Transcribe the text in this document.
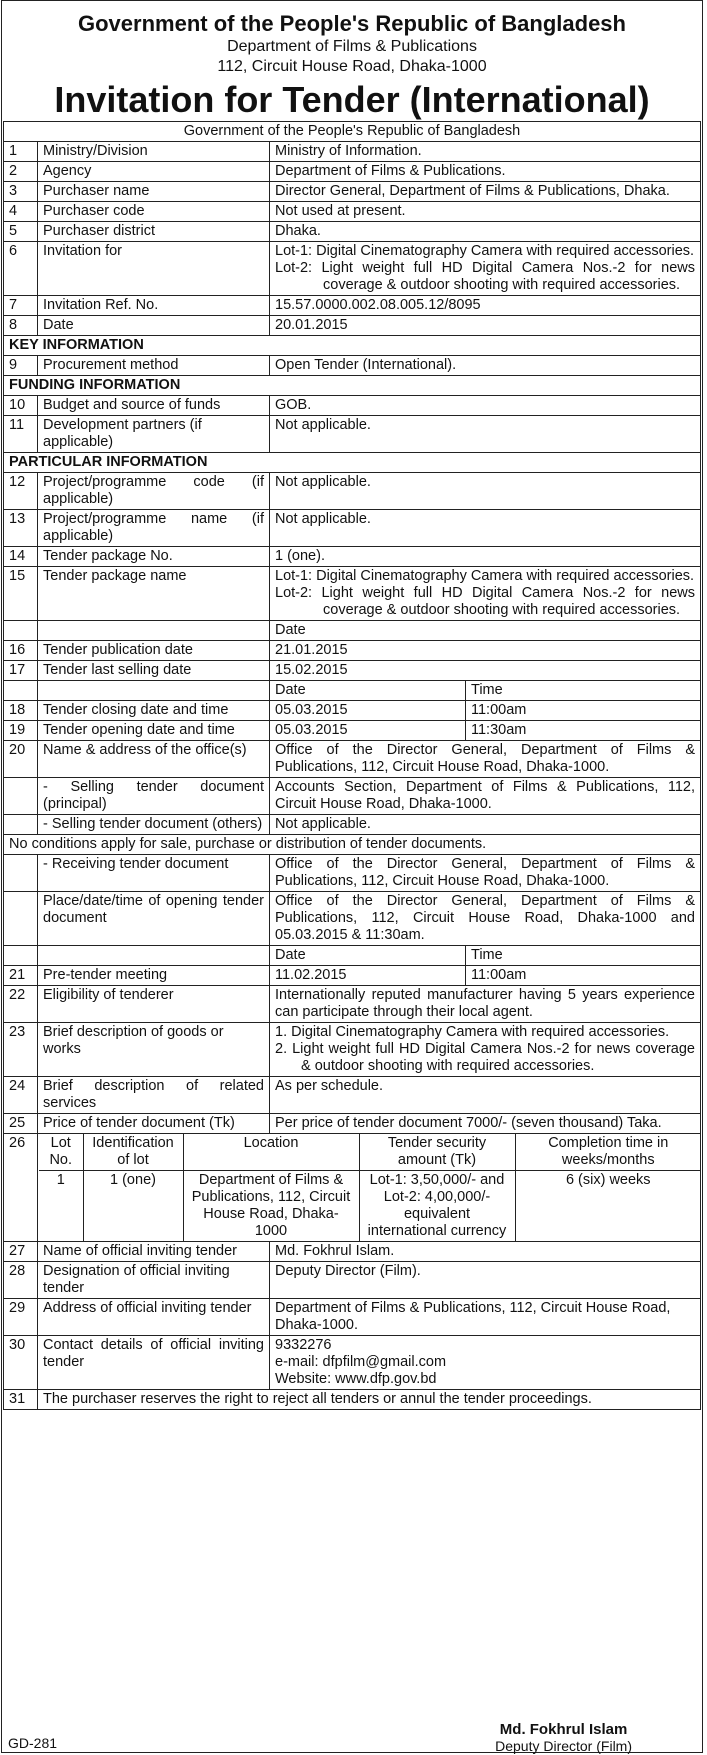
Government of the People's Republic of Bangladesh
Department of Films & Publications
112, Circuit House Road, Dhaka-1000
Invitation for Tender (International)
Government of the People's Republic of Bangladesh
1	Ministry/Division	Ministry of Information.
2	Agency	Department of Films & Publications.
3	Purchaser name	Director General, Department of Films & Publications, Dhaka.
4	Purchaser code	Not used at present.
5	Purchaser district	Dhaka.
6	Invitation for	Lot-1: Digital Cinematography Camera with required accessories.
Lot-2: Light weight full HD Digital Camera Nos.-2 for news coverage & outdoor shooting with required accessories.

7	Invitation Ref. No.	15.57.0000.002.08.005.12/8095
8	Date	20.01.2015
KEY INFORMATION
9	Procurement method	Open Tender (International).
FUNDING INFORMATION
10	Budget and source of funds	GOB.
11	Development partners (if applicable)	Not applicable.
PARTICULAR INFORMATION
12	Project/programme code (if applicable)	Not applicable.
13	Project/programme name (if applicable)	Not applicable.
14	Tender package No.	1 (one).
15	Tender package name	Lot-1: Digital Cinematography Camera with required accessories.
Lot-2: Light weight full HD Digital Camera Nos.-2 for news coverage & outdoor shooting with required accessories.

		Date
16	Tender publication date	21.01.2015
17	Tender last selling date	15.02.2015
		Date	Time
18	Tender closing date and time	05.03.2015	11:00am
19	Tender opening date and time	05.03.2015	11:30am
20	Name & address of the office(s)	Office of the Director General, Department of Films & Publications, 112, Circuit House Road, Dhaka-1000.
	- Selling tender document (principal)	Accounts Section, Department of Films & Publications, 112, Circuit House Road, Dhaka-1000.
	- Selling tender document (others)	Not applicable.
No conditions apply for sale, purchase or distribution of tender documents.
	- Receiving tender document	Office of the Director General, Department of Films & Publications, 112, Circuit House Road, Dhaka-1000.
	Place/date/time of opening tender document	Office of the Director General, Department of Films & Publications, 112, Circuit House Road, Dhaka-1000 and 05.03.2015 & 11:30am.
		Date	Time
21	Pre-tender meeting	11.02.2015	11:00am
22	Eligibility of tenderer	Internationally reputed manufacturer having 5 years experience can participate through their local agent.
23	Brief description of goods or works	
1. Digital Cinematography Camera with required accessories.
2. Light weight full HD Digital Camera Nos.-2 for news coverage & outdoor shooting with required accessories.

24	Brief description of related services	As per schedule.
25	Price of tender document (Tk)	Per price of tender document 7000/- (seven thousand) Taka.
26	Lot No.	Identification of lot	Location	Tender security amount (Tk)	Completion time in weeks/months
1	1 (one)	Department of Films & Publications, 112, Circuit House Road, Dhaka-1000	Lot-1: 3,50,000/- and Lot-2: 4,00,000/- equivalent international currency	6 (six) weeks

27	Name of official inviting tender	Md. Fokhrul Islam.
28	Designation of official inviting tender	Deputy Director (Film).
29	Address of official inviting tender	Department of Films & Publications, 112, Circuit House Road, Dhaka-1000.
30	Contact details of official inviting tender	
9332276
e-mail: dfpfilm@gmail.com
Website: www.dfp.gov.bd

31	The purchaser reserves the right to reject all tenders or annul the tender proceedings.
GD-281
Md. Fokhrul Islam
Deputy Director (Film)
